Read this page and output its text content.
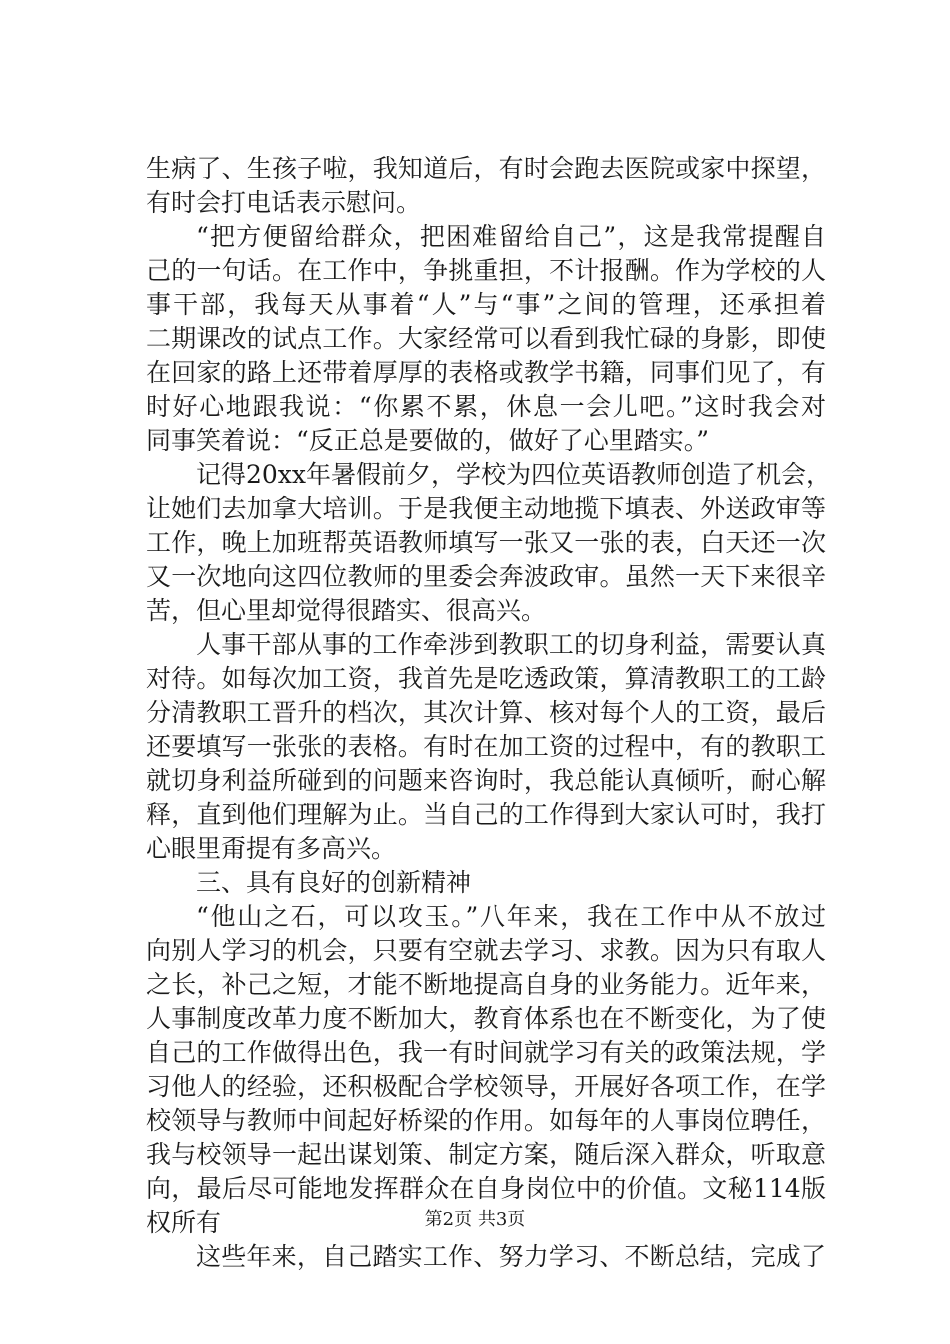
生病了、生孩子啦，我知道后，有时会跑去医院或家中探望，
有时会打电话表示慰问。
“把方便留给群众，把困难留给自己”，这是我常提醒自
己的一句话。在工作中，争挑重担，不计报酬。作为学校的人
事干部，我每天从事着“人”与“事”之间的管理，还承担着
二期课改的试点工作。大家经常可以看到我忙碌的身影，即使
在回家的路上还带着厚厚的表格或教学书籍，同事们见了，有
时好心地跟我说：“你累不累，休息一会儿吧。”这时我会对
同事笑着说：“反正总是要做的，做好了心里踏实。”
记得20xx年暑假前夕，学校为四位英语教师创造了机会，
让她们去加拿大培训。于是我便主动地揽下填表、外送政审等
工作，晚上加班帮英语教师填写一张又一张的表，白天还一次
又一次地向这四位教师的里委会奔波政审。虽然一天下来很辛
苦，但心里却觉得很踏实、很高兴。
人事干部从事的工作牵涉到教职工的切身利益，需要认真
对待。如每次加工资，我首先是吃透政策，算清教职工的工龄
分清教职工晋升的档次，其次计算、核对每个人的工资，最后
还要填写一张张的表格。有时在加工资的过程中，有的教职工
就切身利益所碰到的问题来咨询时，我总能认真倾听，耐心解
释，直到他们理解为止。当自己的工作得到大家认可时，我打
心眼里甭提有多高兴。
三、具有良好的创新精神
“他山之石，可以攻玉。”八年来，我在工作中从不放过
向别人学习的机会，只要有空就去学习、求教。因为只有取人
之长，补己之短，才能不断地提高自身的业务能力。近年来，
人事制度改革力度不断加大，教育体系也在不断变化，为了使
自己的工作做得出色，我一有时间就学习有关的政策法规，学
习他人的经验，还积极配合学校领导，开展好各项工作，在学
校领导与教师中间起好桥梁的作用。如每年的人事岗位聘任，
我与校领导一起出谋划策、制定方案，随后深入群众，听取意
向，最后尽可能地发挥群众在自身岗位中的价值。文秘114版
权所有
这些年来，自己踏实工作、努力学习、不断总结，完成了
第2页 共3页
